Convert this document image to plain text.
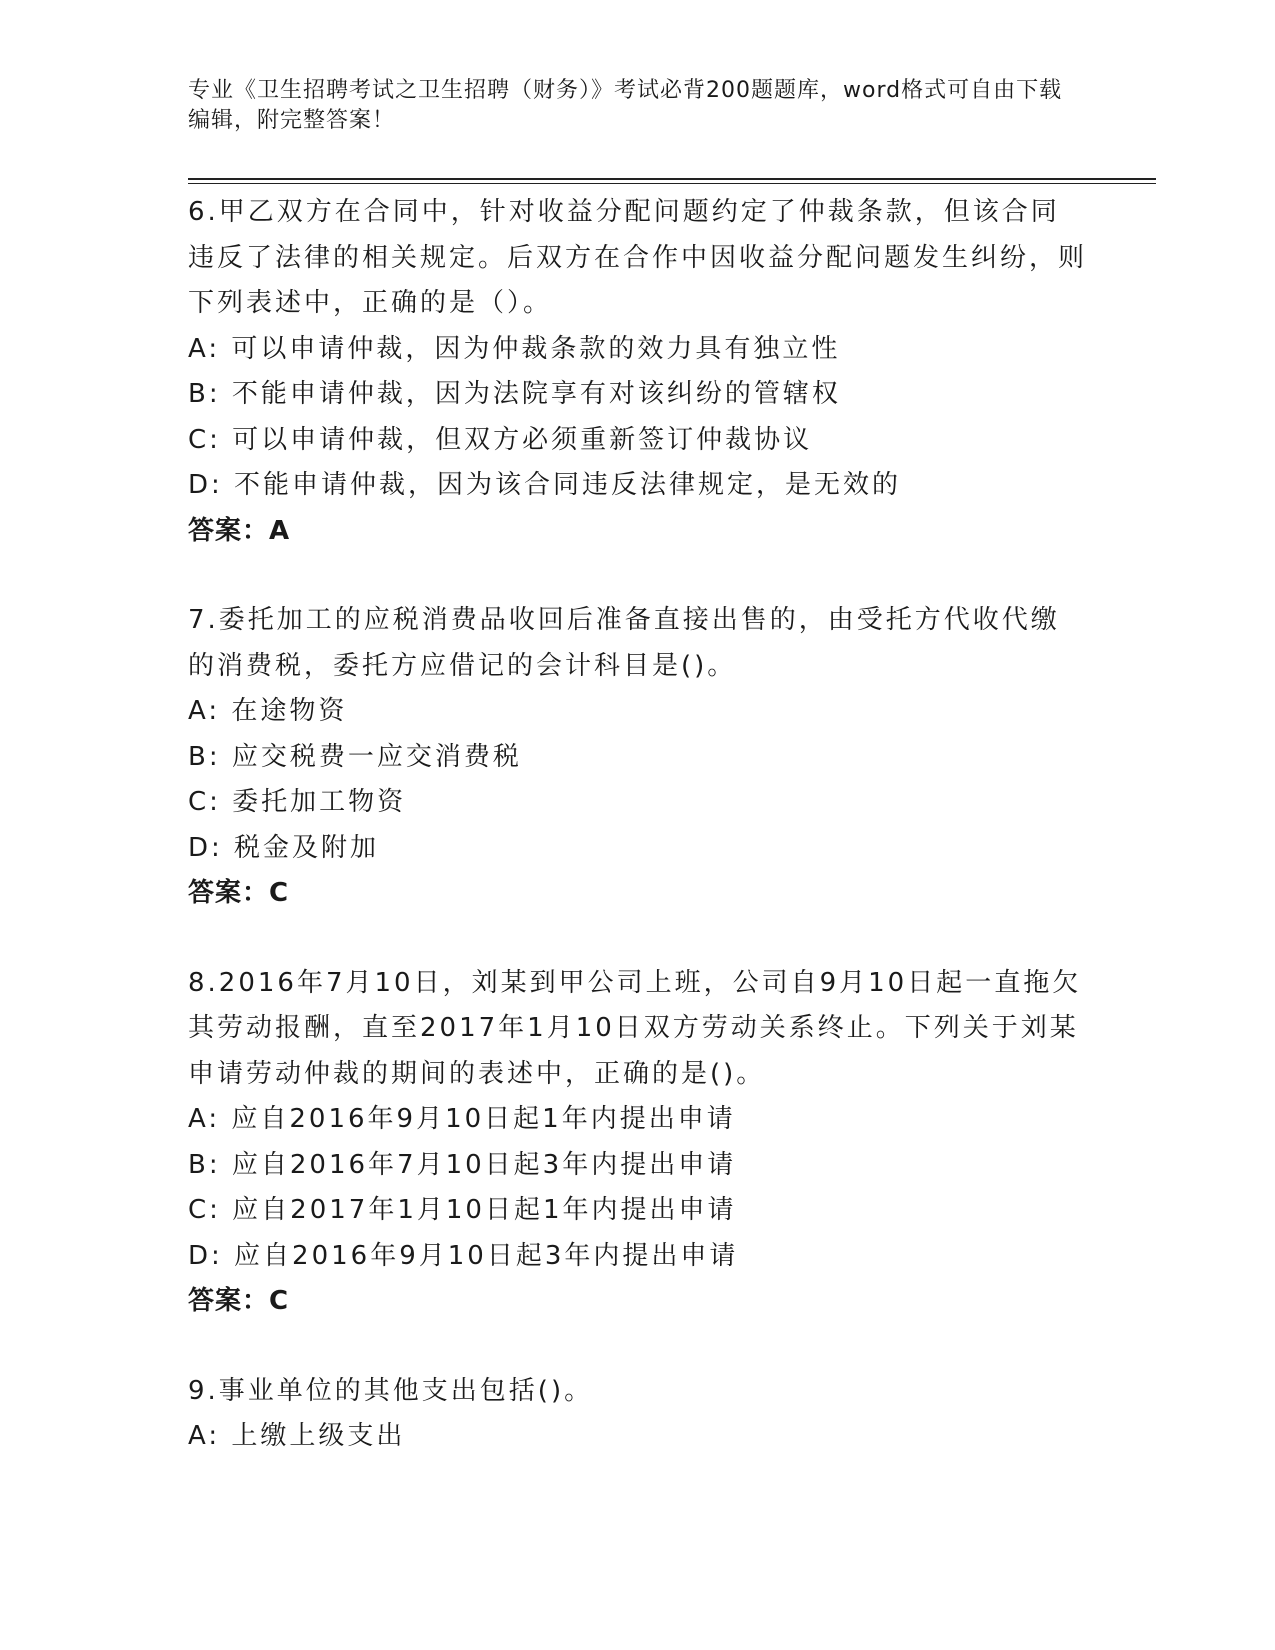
专业《卫生招聘考试之卫生招聘（财务）》考试必背200题题库，word格式可自由下载编辑，附完整答案！

6.甲乙双方在合同中，针对收益分配问题约定了仲裁条款，但该合同违反了法律的相关规定。后双方在合作中因收益分配问题发生纠纷，则下列表述中，正确的是（）。

A: 可以申请仲裁，因为仲裁条款的效力具有独立性

B: 不能申请仲裁，因为法院享有对该纠纷的管辖权

C: 可以申请仲裁，但双方必须重新签订仲裁协议

D: 不能申请仲裁，因为该合同违反法律规定，是无效的

答案：A

7.委托加工的应税消费品收回后准备直接出售的，由受托方代收代缴的消费税，委托方应借记的会计科目是()。

A: 在途物资

B: 应交税费一应交消费税

C: 委托加工物资

D: 税金及附加

答案：C

8.2016年7月10日，刘某到甲公司上班，公司自9月10日起一直拖欠其劳动报酬，直至2017年1月10日双方劳动关系终止。下列关于刘某申请劳动仲裁的期间的表述中，正确的是()。

A: 应自2016年9月10日起1年内提出申请

B: 应自2016年7月10日起3年内提出申请

C: 应自2017年1月10日起1年内提出申请

D: 应自2016年9月10日起3年内提出申请

答案：C

9.事业单位的其他支出包括()。

A: 上缴上级支出
